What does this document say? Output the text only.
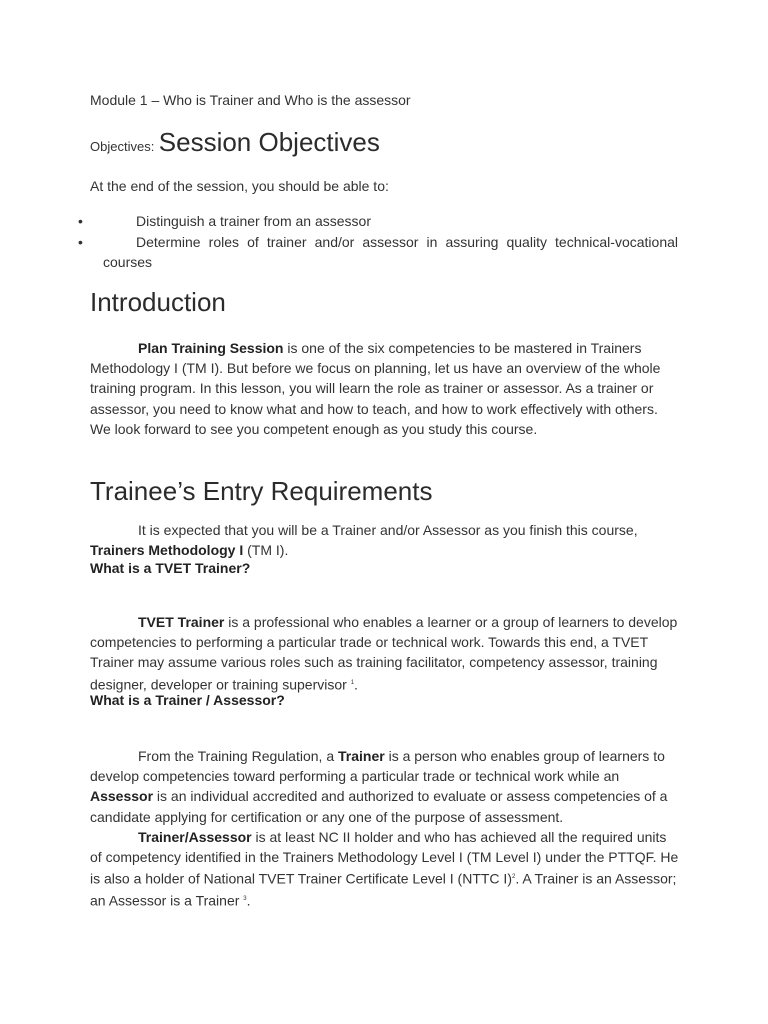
Module 1 – Who is Trainer and Who is the assessor
Objectives: Session Objectives
At the end of the session, you should be able to:
•	Distinguish a trainer from an assessor
•	Determine roles of trainer and/or assessor in assuring quality technical-vocational courses
Introduction
Plan Training Session is one of the six competencies to be mastered in Trainers Methodology I (TM I). But before we focus on planning, let us have an overview of the whole training program. In this lesson, you will learn the role as trainer or assessor. As a trainer or assessor, you need to know what and how to teach, and how to work effectively with others. We look forward to see you competent enough as you study this course.
Trainee’s Entry Requirements
It is expected that you will be a Trainer and/or Assessor as you finish this course, Trainers Methodology I (TM I).
What is a TVET Trainer?
TVET Trainer is a professional who enables a learner or a group of learners to develop competencies to performing a particular trade or technical work. Towards this end, a TVET Trainer may assume various roles such as training facilitator, competency assessor, training designer, developer or training supervisor $^1$.
What is a Trainer / Assessor?
From the Training Regulation, a Trainer is a person who enables group of learners to develop competencies toward performing a particular trade or technical work while an Assessor is an individual accredited and authorized to evaluate or assess competencies of a candidate applying for certification or any one of the purpose of assessment.
Trainer/Assessor is at least NC II holder and who has achieved all the required units of competency identified in the Trainers Methodology Level I (TM Level I) under the PTTQF. He is also a holder of National TVET Trainer Certificate Level I (NTTC I)$^2$. A Trainer is an Assessor; an Assessor is a Trainer $^3$.
